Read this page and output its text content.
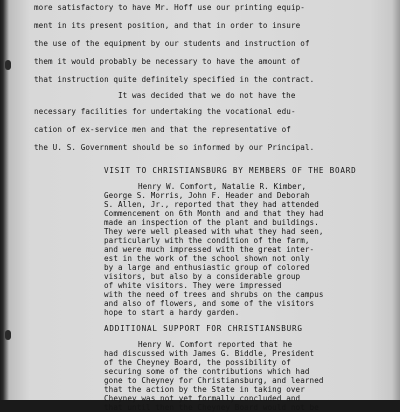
more satisfactory to have Mr. Hoff use our printing equip-
ment in its present position, and that in order to insure
the use of the equipment by our students and instruction of
them it would probably be necessary to have the amount of
that instruction quite definitely specified in the contract.
It was decided that we do not have the
necessary facilities for undertaking the vocational edu-
cation of ex-service men and that the representative of
the U. S. Government should be so informed by our Principal.
VISIT TO CHRISTIANSBURG BY MEMBERS OF THE BOARD
Henry W. Comfort, Natalie R. Kimber,
George S. Morris, John F. Header and Deborah
S. Allen, Jr., reported that they had attended
Commencement on 6th Month and and that they had
made an inspection of the plant and buildings.
They were well pleased with what they had seen,
particularly with the condition of the farm,
and were much impressed with the great inter-
est in the work of the school shown not only
by a large and enthusiastic group of colored
visitors, but also by a considerable group
of white visitors. They were impressed
with the need of trees and shrubs on the campus
and also of flowers, and some of the visitors
hope to start a hardy garden.
ADDITIONAL SUPPORT FOR CHRISTIANSBURG
Henry W. Comfort reported that he
had discussed with James G. Biddle, President
of the Cheyney Board, the possibility of
securing some of the contributions which had
gone to Cheyney for Christiansburg, and learned
that the action by the State in taking over
Cheyney was not yet formally concluded and
that until then the Cheyney Board would not be
